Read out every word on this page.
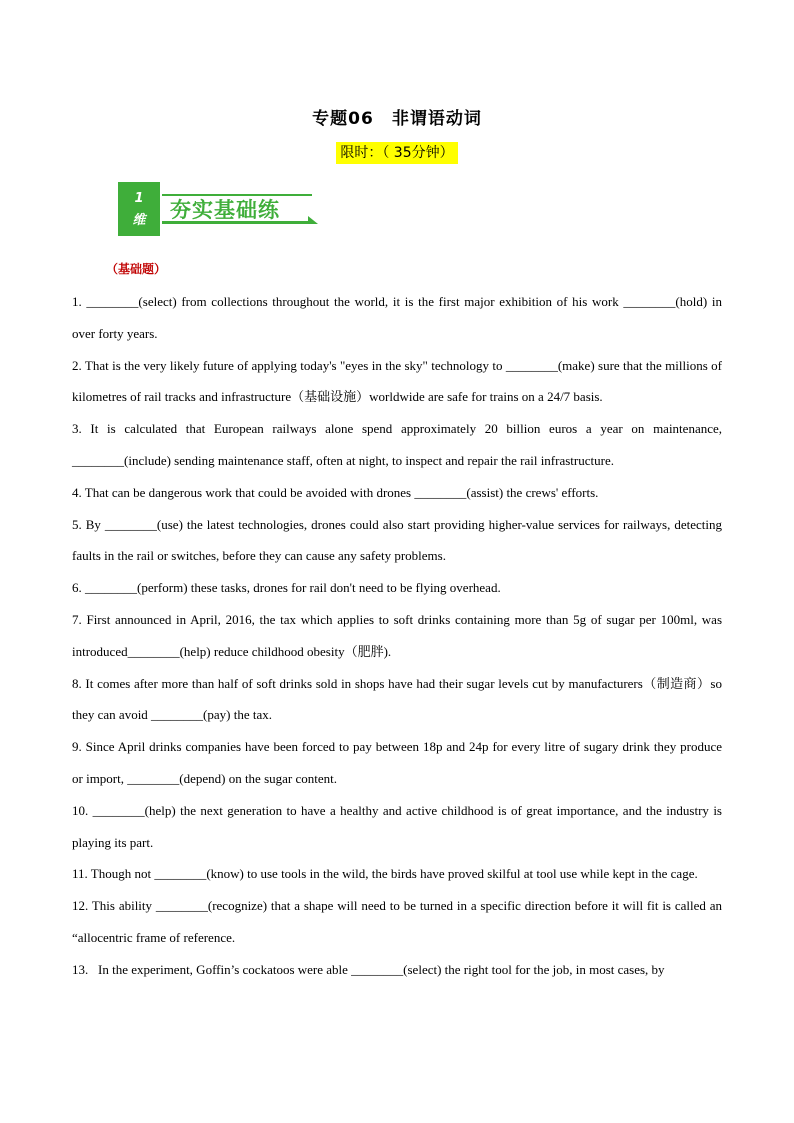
专题06 非谓语动词
限时：（ 35分钟）
1
维	夯实基础练
（基础题）

1. ________(select) from collections throughout the world, it is the first major exhibition of his work ________(hold) in over forty years.

2. That is the very likely future of applying today's "eyes in the sky" technology to ________(make) sure that the millions of kilometres of rail tracks and infrastructure（基础设施）worldwide are safe for trains on a 24/7 basis.

3. It is calculated that European railways alone spend approximately 20 billion euros a year on maintenance, ________(include) sending maintenance staff, often at night, to inspect and repair the rail infrastructure.

4. That can be dangerous work that could be avoided with drones ________(assist) the crews' efforts.

5. By ________(use) the latest technologies, drones could also start providing higher-value services for railways, detecting faults in the rail or switches, before they can cause any safety problems.

6. ________(perform) these tasks, drones for rail don't need to be flying overhead.

7. First announced in April, 2016, the tax which applies to soft drinks containing more than 5g of sugar per 100ml, was introduced________(help) reduce childhood obesity（肥胖).

8. It comes after more than half of soft drinks sold in shops have had their sugar levels cut by manufacturers（制造商）so they can avoid ________(pay) the tax.

9. Since April drinks companies have been forced to pay between 18p and 24p for every litre of sugary drink they produce or import, ________(depend) on the sugar content.

10. ________(help) the next generation to have a healthy and active childhood is of great importance, and the industry is playing its part.

11. Though not ________(know) to use tools in the wild, the birds have proved skilful at tool use while kept in the cage.

12. This ability ________(recognize) that a shape will need to be turned in a specific direction before it will fit is called an “allocentric frame of reference.

13.   In the experiment, Goffin’s cockatoos were able ________(select) the right tool for the job, in most cases, by
